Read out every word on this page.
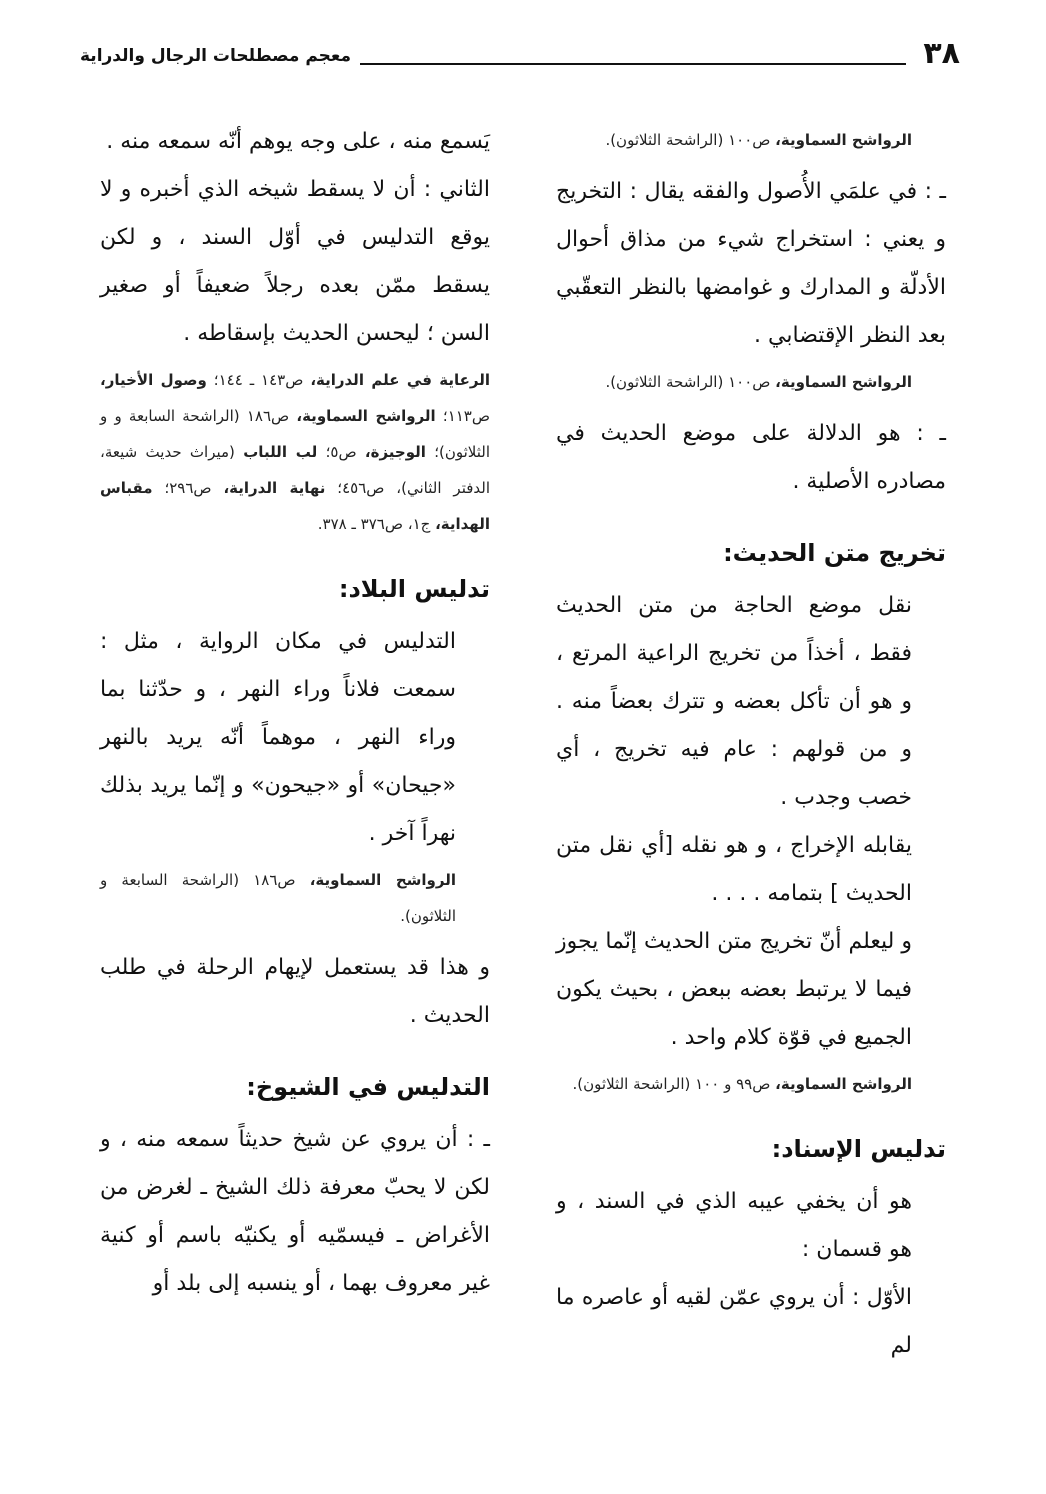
٣٨
معجم مصطلحات الرجال والدراية

الرواشح السماوية، ص١٠٠ (الراشحة الثلاثون).

ـ : في علمَي الأُصول والفقه يقال : التخريج و يعني : استخراج شيء من مذاق أحوال الأدلّة و المدارك و غوامضها بالنظر التعقّبي بعد النظر الإقتضابي .

الرواشح السماوية، ص١٠٠ (الراشحة الثلاثون).

ـ : هو الدلالة على موضع الحديث في مصادره الأصلية .

تخريج متن الحديث:

نقل موضع الحاجة من متن الحديث فقط ، أخذاً من تخريج الراعية المرتع ، و هو أن تأكل بعضه و تترك بعضاً منه . و من قولهم : عام فيه تخريج ، أي خصب وجدب .

يقابله الإخراج ، و هو نقله [أي نقل متن الحديث ] بتمامه . . . .

و ليعلم أنّ تخريج متن الحديث إنّما يجوز فيما لا يرتبط بعضه ببعض ، بحيث يكون الجميع في قوّة كلام واحد .

الرواشح السماوية، ص٩٩ و ١٠٠ (الراشحة الثلاثون).

تدليس الإسناد:

هو أن يخفي عيبه الذي في السند ، و هو قسمان :

الأوّل : أن يروي عمّن لقيه أو عاصره ما لم

يَسمع منه ، على وجه يوهم أنّه سمعه منه .

الثاني : أن لا يسقط شيخه الذي أخبره و لا يوقع التدليس في أوّل السند ، و لكن يسقط ممّن بعده رجلاً ضعيفاً أو صغير السن ؛ ليحسن الحديث بإسقاطه .

الرعاية في علم الدراية، ص١٤٣ ـ ١٤٤؛ وصول الأخيار، ص١١٣؛ الرواشح السماوية، ص١٨٦ (الراشحة السابعة و و الثلاثون)؛ الوجيزة، ص٥؛ لب اللباب (ميراث حديث شيعة، الدفتر الثاني)، ص٤٥٦؛ نهاية الدراية، ص٢٩٦؛ مقباس الهداية، ج١، ص٣٧٦ ـ ٣٧٨.

تدليس البلاد:

التدليس في مكان الرواية ، مثل : سمعت فلاناً وراء النهر ، و حدّثنا بما وراء النهر ، موهماً أنّه يريد بالنهر «جيحان» أو «جيحون» و إنّما يريد بذلك نهراً آخر .

الرواشح السماوية، ص١٨٦ (الراشحة السابعة و الثلاثون).

و هذا قد يستعمل لإيهام الرحلة في طلب الحديث .

التدليس في الشيوخ:

ـ : أن يروي عن شيخ حديثاً سمعه منه ، و لكن لا يحبّ معرفة ذلك الشيخ ـ لغرض من الأغراض ـ فيسمّيه أو يكنيّه باسم أو كنية غير معروف بهما ، أو ينسبه إلى بلد أو
